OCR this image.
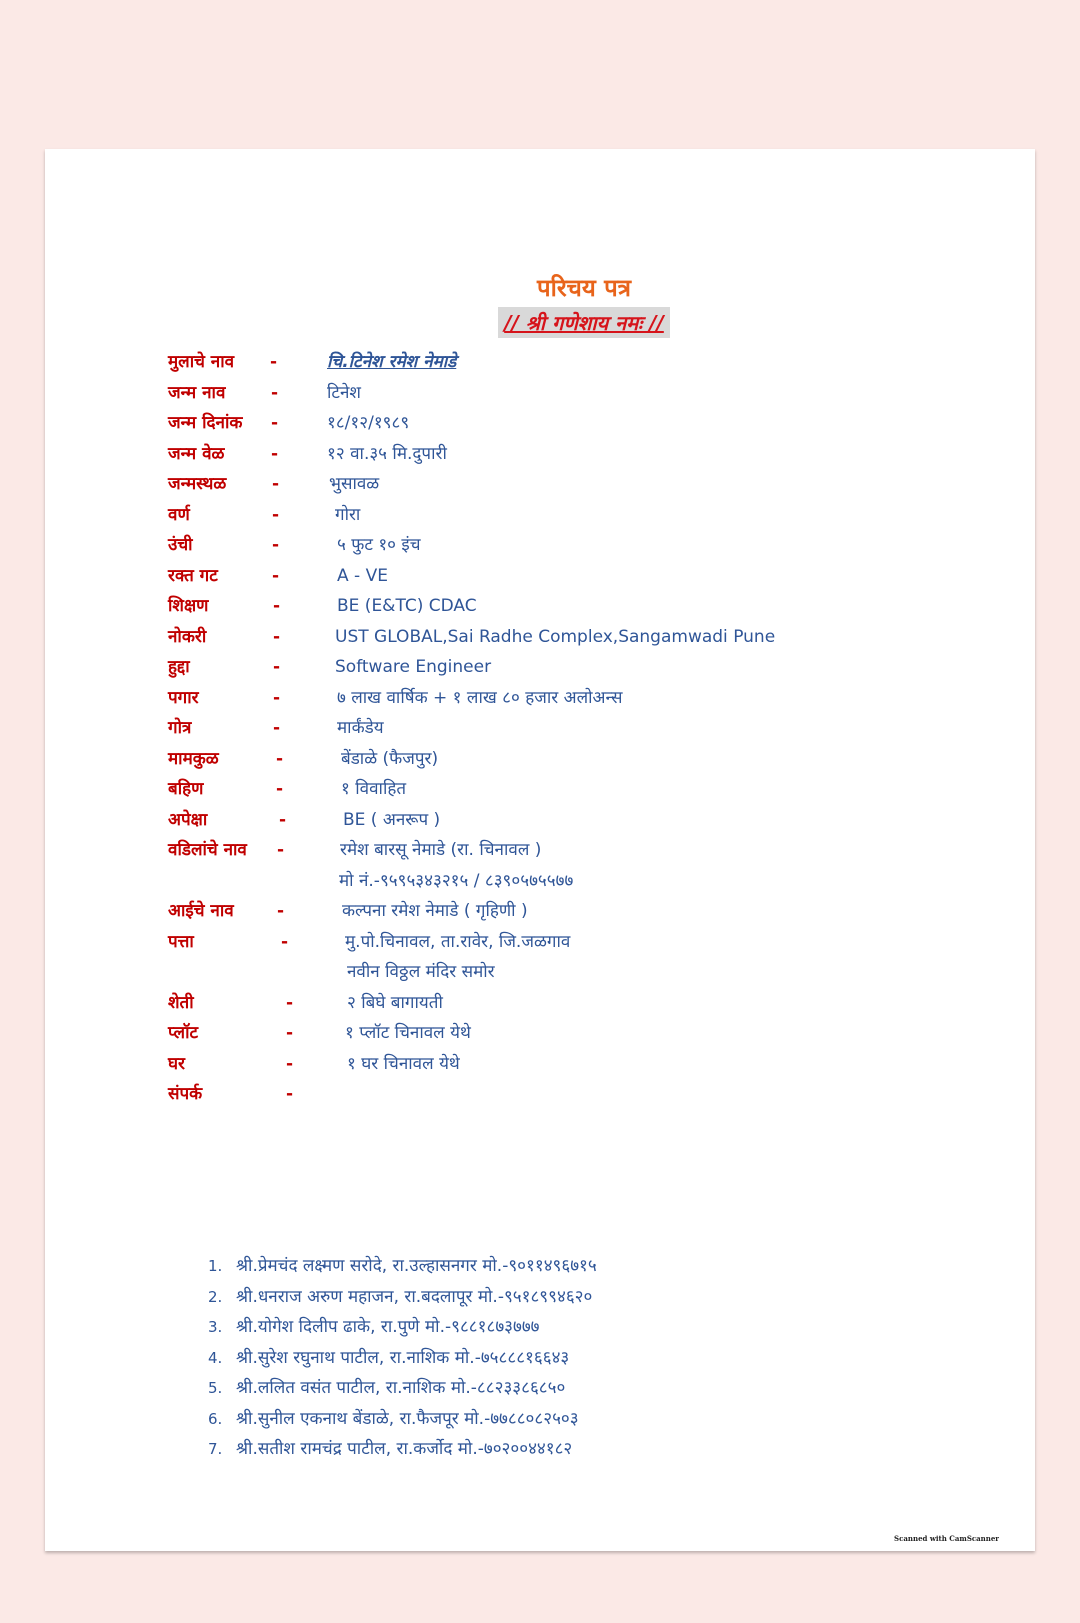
परिचय पत्र
// श्री गणेशाय नमः //
मुलाचे नाव	-	चि.टिनेश रमेश नेमाडे
जन्म नाव	-	टिनेश
जन्म दिनांक	-	१८/१२/१९८९
जन्म वेळ	-	१२ वा.३५ मि.दुपारी
जन्मस्थळ	-	भुसावळ
वर्ण	-	गोरा
उंची	-	५ फुट १० इंच
रक्त गट	-	A - VE
शिक्षण	-	BE (E&TC) CDAC
नोकरी	-	UST GLOBAL,Sai Radhe Complex,Sangamwadi Pune
हुद्दा	-	Software Engineer
पगार	-	७ लाख वार्षिक + १ लाख ८० हजार अलोअन्स
गोत्र	-	मार्कंडेय
मामकुळ	-	बेंडाळे (फैजपुर)
बहिण	-	१ विवाहित
अपेक्षा	-	BE ( अनरूप )
वडिलांचे नाव	-	रमेश बारसू नेमाडे (रा. चिनावल )
मो नं.-९५९५३४३२१५ / ८३९०५७५५७७
आईचे नाव	-	कल्पना रमेश नेमाडे ( गृहिणी )
पत्ता	-	मु.पो.चिनावल, ता.रावेर, जि.जळगाव
नवीन विठ्ठल मंदिर समोर
शेती	-	२ बिघे बागायती
प्लॉट	-	१ प्लॉट चिनावल येथे
घर	-	१ घर चिनावल येथे
संपर्क	-
1. श्री.प्रेमचंद लक्ष्मण सरोदे, रा.उल्हासनगर मो.-९०११४९६७१५
2. श्री.धनराज अरुण महाजन, रा.बदलापूर मो.-९५१८९९४६२०
3. श्री.योगेश दिलीप ढाके, रा.पुणे मो.-९८८१८७३७७७
4. श्री.सुरेश रघुनाथ पाटील, रा.नाशिक मो.-७५८८८१६६४३
5. श्री.ललित वसंत पाटील, रा.नाशिक मो.-८८२३३८६८५०
6. श्री.सुनील एकनाथ बेंडाळे, रा.फैजपूर मो.-७७८८०८२५०३
7. श्री.सतीश रामचंद्र पाटील, रा.कर्जोद मो.-७०२००४४१८२
Scanned with CamScanner
